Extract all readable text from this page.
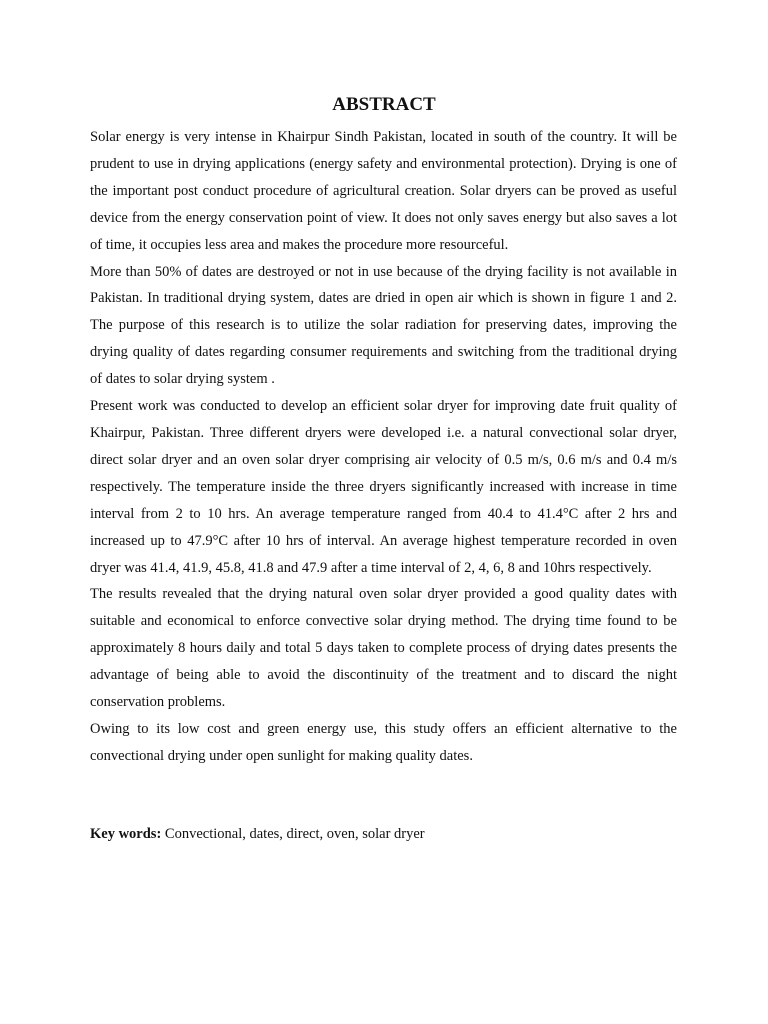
ABSTRACT

Solar energy is very intense in Khairpur Sindh Pakistan, located in south of the country. It will be prudent to use in drying applications (energy safety and environmental protection). Drying is one of the important post conduct procedure of agricultural creation. Solar dryers can be proved as useful device from the energy conservation point of view. It does not only saves energy but also saves a lot of time, it occupies less area and makes the procedure more resourceful.

More than 50% of dates are destroyed or not in use because of the drying facility is not available in Pakistan. In traditional drying system, dates are dried in open air which is shown in figure 1 and 2. The purpose of this research is to utilize the solar radiation for preserving dates, improving the drying quality of dates regarding consumer requirements and switching from the traditional drying of dates to solar drying system .

Present work was conducted to develop an efficient solar dryer for improving date fruit quality of Khairpur, Pakistan. Three different dryers were developed i.e. a natural convectional solar dryer, direct solar dryer and an oven solar dryer comprising air velocity of 0.5 m/s, 0.6 m/s and 0.4 m/s respectively. The temperature inside the three dryers significantly increased with increase in time interval from 2 to 10 hrs. An average temperature ranged from 40.4 to 41.4°C after 2 hrs and increased up to 47.9°C after 10 hrs of interval. An average highest temperature recorded in oven dryer was 41.4, 41.9, 45.8, 41.8 and 47.9 after a time interval of 2, 4, 6, 8 and 10hrs respectively.

The results revealed that the drying natural oven solar dryer provided a good quality dates with suitable and economical to enforce convective solar drying method. The drying time found to be approximately 8 hours daily and total 5 days taken to complete process of drying dates presents the advantage of being able to avoid the discontinuity of the treatment and to discard the night conservation problems.

Owing to its low cost and green energy use, this study offers an efficient alternative to the convectional drying under open sunlight for making quality dates.

Key words: Convectional, dates, direct, oven, solar dryer
